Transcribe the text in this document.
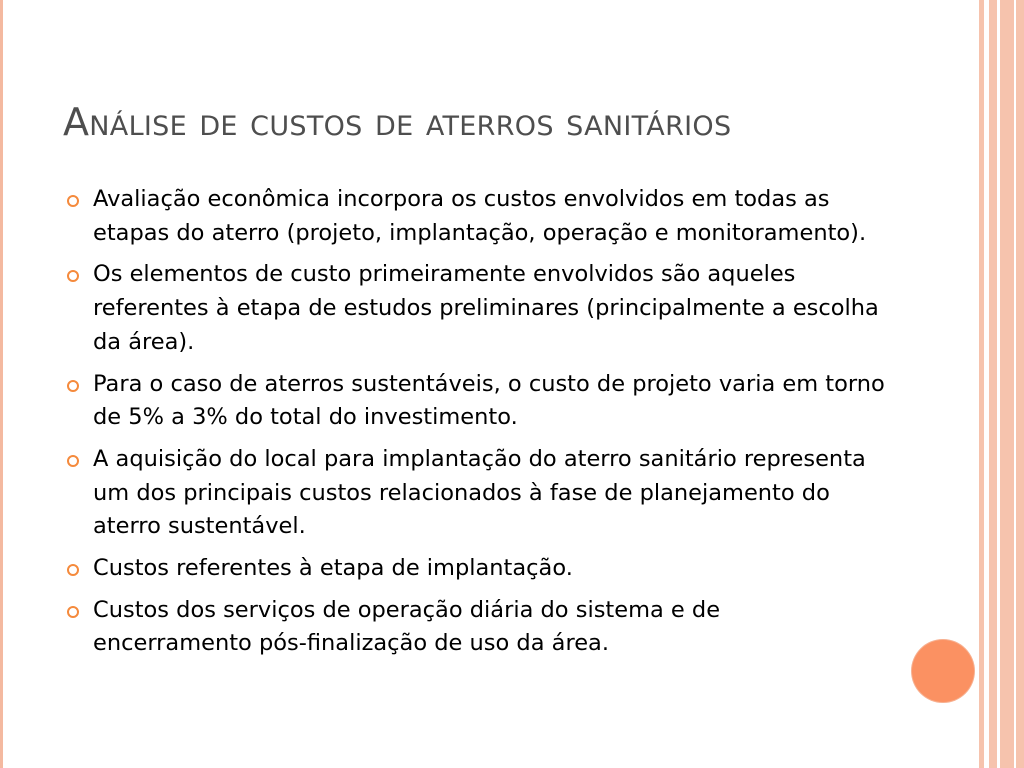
Análise de custos de aterros sanitários
Avaliação econômica incorpora os custos envolvidos em todas as etapas do aterro (projeto, implantação, operação e monitoramento).
Os elementos de custo primeiramente envolvidos são aqueles referentes à etapa de estudos preliminares (principalmente a escolha da área).
Para o caso de aterros sustentáveis, o custo de projeto varia em torno de 5% a 3% do total do investimento.
A aquisição do local para implantação do aterro sanitário representa um dos principais custos relacionados à fase de planejamento do aterro sustentável.
Custos referentes à etapa de implantação.
Custos dos serviços de operação diária do sistema e de encerramento pós-finalização de uso da área.
